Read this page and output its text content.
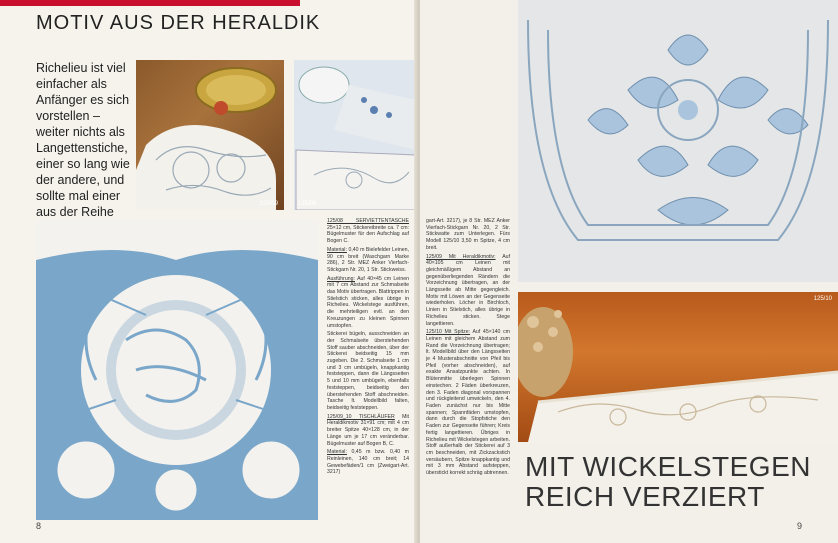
MOTIV AUS DER HERALDIK
Richelieu ist viel einfacher als Anfänger es sich vorstellen – weiter nichts als Langettenstiche, einer so lang wie der andere, und sollte mal einer aus der Reihe
125/09	125/08

125/08 SERVIETTENTASCHE 25×12 cm, Stickereibreite ca. 7 cm: Bügelmuster für den Aufschlag auf Bogen C.

Material: 0,40 m Bielefelder Leinen, 90 cm breit (Waschgarn Marke 286), 2 Str. MEZ Anker Vierfach-Stickgarn Nr. 20, 1 Str. Stickweiss.

Ausführung: Auf 40×45 cm Leinen mit 7 cm Abstand zur Schmalseite das Motiv übertragen. Blattrippen in Stielstich sticken, alles übrige in Richelieu. Wickelstege ausführen, die mehrteiligen evtl. an den Kreuzungen zu kleinen Spinnen umstopfen.

Stickerei bügeln, ausschneiden an der Schmalseite überstehenden Stoff sauber abschneiden, über der Stickerei beidseitig 15 mm zugeben. Die 2. Schmalseite 1 cm und 3 cm umbügeln, knappkantig feststeppen, dann die Längsseiten 5 und 10 mm umbügeln, ebenfalls feststeppen, beidseitig den überstehenden Stoff abschneiden. Tasche lt. Modellbild falten, beidseitig feststeppen.

125/09_10 TISCHLÄUFER Mit Heraldikmotiv 31×91 cm; mit 4 cm breiter Spitze 40×128 cm, in der Länge um je 17 cm veränderbar. Bügelmuster auf Bogen B, C.

Material: 0,45 m bzw. 0,40 m Reinleinen, 140 cm breit; 14 Gewebefäden/1 cm (Zweigart-Art. 3217)

8

gart-Art. 3217), je 8 Str. MEZ Anker Vierfach-Stickgarn Nr. 20, 2 Str. Stickwatte zum Unterlegen. Fürs Modell 125/10 3,50 m Spitze, 4 cm breit.

125/09 Mit Heraldikmotiv: Auf 40×105 cm Leinen mit gleichmäßigem Abstand an gegenüberliegenden Rändern die Vorzeichnung übertragen, an der Längsseite ab Mitte gegengleich. Motiv mit Löwen an der Gegenseite wiederholen. Löcher in Birchloch, Linien in Stielstich, alles übrige in Richelieu sticken. Stege langettieren.

125/10 Mit Spitze: Auf 45×140 cm Leinen mit gleichem Abstand zum Rand die Vorzeichnung übertragen; lt. Modellbild über den Längsseiten je 4 Musterabschnitte von Pfeil bis Pfeil (vorher abschneiden), auf exakte Ansatzpunkte achten. In Blütenmitte überlegen Spinnen einstechen. 2 Fäden überkreuzen, den 3. Faden diagonal vorspannen und rückgleitend umwickeln, den 4. Faden zunächst nur bis Mitte spannen; Spannfäden umstopfen, dann durch die Stopfstiche den Faden zur Gegenseite führen; Kreis fertig langettieren. Übriges in Richelieu mit Wickelstegen arbeiten. Stoff außerhalb der Stickerei auf 3 cm beschneiden, mit Zickzackstich versäubern, Spitze knappkantig und mit 3 mm Abstand aufsteppen, überstickt korrekt schräg abtrennen.

125/10
MIT WICKELSTEGEN
REICH VERZIERT
9
